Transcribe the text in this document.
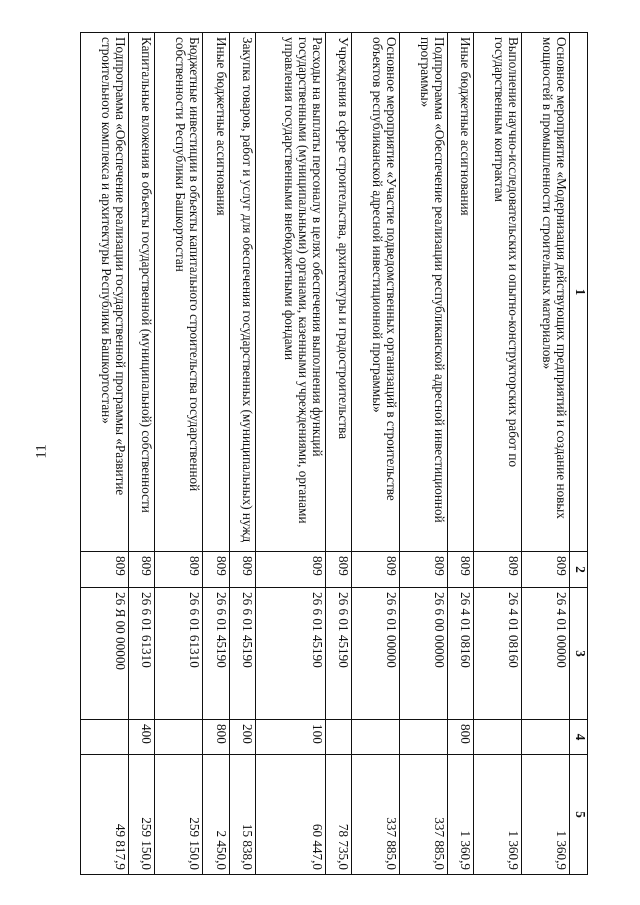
11
1	2	3	4	5
Основное мероприятие «Модернизация действующих предприятий и создание новых мощностей в промышленности строительных материалов»	809	26 4 01 00000		1 360,9
Выполнение научно-исследовательских и опытно-конструкторских работ по государственным контрактам	809	26 4 01 08160		1 360,9
Иные бюджетные ассигнования	809	26 4 01 08160	800	1 360,9
Подпрограмма «Обеспечение реализации республиканской адресной инвестиционной программы»	809	26 6 00 00000		337 885,0
Основное мероприятие «Участие подведомственных организаций в строительстве объектов республиканской адресной инвестиционной программы»	809	26 6 01 00000		337 885,0
Учреждения в сфере строительства, архитектуры и градостроительства	809	26 6 01 45190		78 735,0
Расходы на выплаты персоналу в целях обеспечения выполнения функций государственными (муниципальными) органами, казенными учреждениями, органами управления государственными внебюджетными фондами	809	26 6 01 45190	100	60 447,0
Закупка товаров, работ и услуг для обеспечения государственных (муниципальных) нужд	809	26 6 01 45190	200	15 838,0
Иные бюджетные ассигнования	809	26 6 01 45190	800	2 450,0
Бюджетные инвестиции в объекты капитального строительства государственной собственности Республики Башкортостан	809	26 6 01 61310		259 150,0
Капитальные вложения в объекты государственной (муниципальной) собственности	809	26 6 01 61310	400	259 150,0
Подпрограмма «Обеспечение реализации государственной программы «Развитие строительного комплекса и архитектуры Республики Башкортостан»	809	26 Я 00 00000		49 817,9
